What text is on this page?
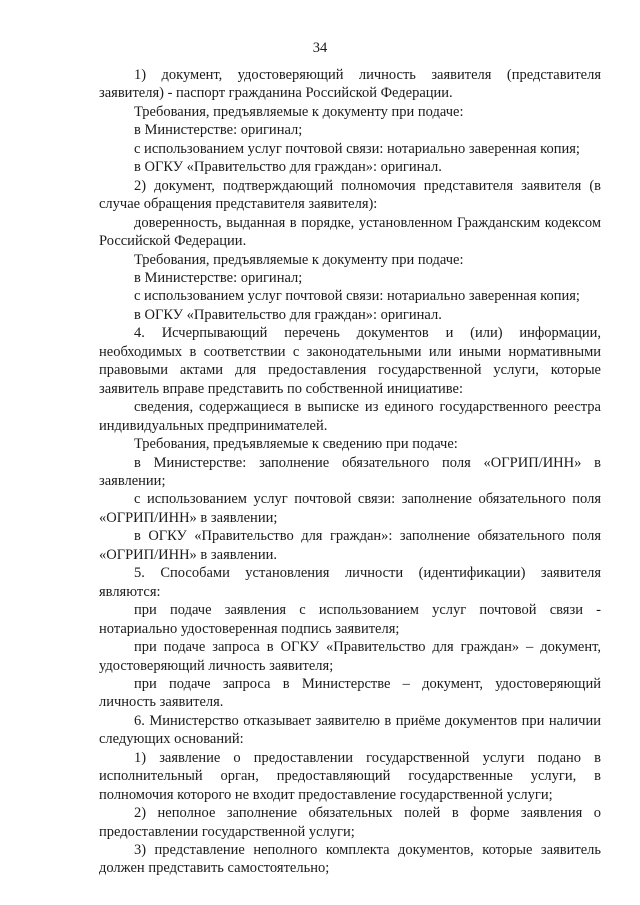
34

1) документ, удостоверяющий личность заявителя (представителя заявителя) - паспорт гражданина Российской Федерации.

Требования, предъявляемые к документу при подаче:

в Министерстве: оригинал;

с использованием услуг почтовой связи: нотариально заверенная копия;

в ОГКУ «Правительство для граждан»: оригинал.

2) документ, подтверждающий полномочия представителя заявителя (в случае обращения представителя заявителя):

доверенность, выданная в порядке, установленном Гражданским кодексом Российской Федерации.

Требования, предъявляемые к документу при подаче:

в Министерстве: оригинал;

с использованием услуг почтовой связи: нотариально заверенная копия;

в ОГКУ «Правительство для граждан»: оригинал.

4. Исчерпывающий перечень документов и (или) информации, необходимых в соответствии с законодательными или иными нормативными правовыми актами для предоставления государственной услуги, которые заявитель вправе представить по собственной инициативе:

сведения, содержащиеся в выписке из единого государственного реестра индивидуальных предпринимателей.

Требования, предъявляемые к сведению при подаче:

в Министерстве: заполнение обязательного поля «ОГРИП/ИНН» в заявлении;

с использованием услуг почтовой связи: заполнение обязательного поля «ОГРИП/ИНН» в заявлении;

в ОГКУ «Правительство для граждан»: заполнение обязательного поля «ОГРИП/ИНН» в заявлении.

5. Способами установления личности (идентификации) заявителя являются:

при подаче заявления с использованием услуг почтовой связи - нотариально удостоверенная подпись заявителя;

при подаче запроса в ОГКУ «Правительство для граждан» – документ, удостоверяющий личность заявителя;

при подаче запроса в Министерстве – документ, удостоверяющий личность заявителя.

6. Министерство отказывает заявителю в приёме документов при наличии следующих оснований:

1) заявление о предоставлении государственной услуги подано в исполнительный орган, предоставляющий государственные услуги, в полномочия которого не входит предоставление государственной услуги;

2) неполное заполнение обязательных полей в форме заявления о предоставлении государственной услуги;

3) представление неполного комплекта документов, которые заявитель должен представить самостоятельно;
